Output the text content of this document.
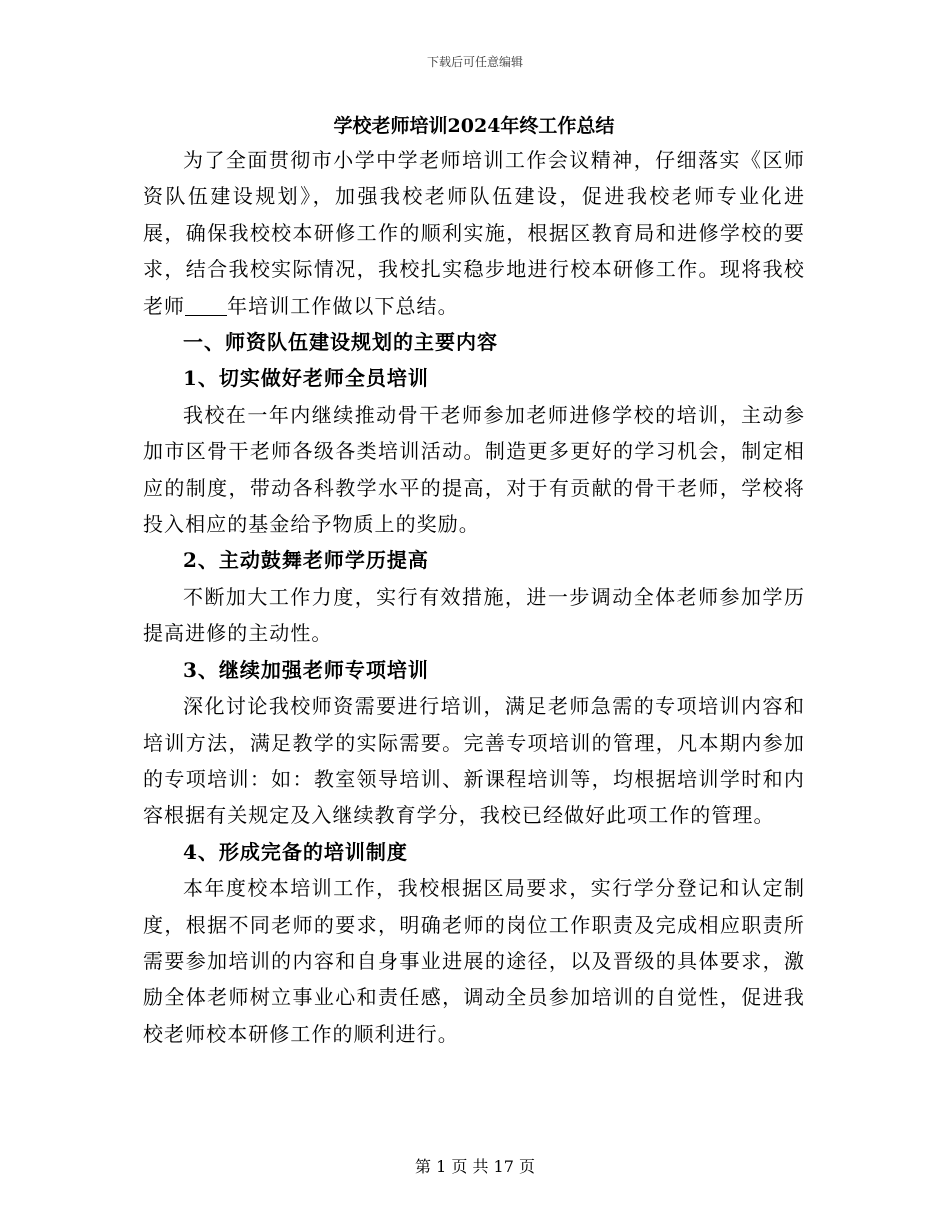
下载后可任意编辑
学校老师培训2024年终工作总结

为了全面贯彻市小学中学老师培训工作会议精神，仔细落实《区师资队伍建设规划》，加强我校老师队伍建设，促进我校老师专业化进展，确保我校校本研修工作的顺利实施，根据区教育局和进修学校的要求，结合我校实际情况，我校扎实稳步地进行校本研修工作。现将我校老师 年培训工作做以下总结。

一、师资队伍建设规划的主要内容

1、切实做好老师全员培训

我校在一年内继续推动骨干老师参加老师进修学校的培训，主动参加市区骨干老师各级各类培训活动。制造更多更好的学习机会，制定相应的制度，带动各科教学水平的提高，对于有贡献的骨干老师，学校将投入相应的基金给予物质上的奖励。

2、主动鼓舞老师学历提高

不断加大工作力度，实行有效措施，进一步调动全体老师参加学历提高进修的主动性。

3、继续加强老师专项培训

深化讨论我校师资需要进行培训，满足老师急需的专项培训内容和培训方法，满足教学的实际需要。完善专项培训的管理，凡本期内参加的专项培训：如：教室领导培训、新课程培训等，均根据培训学时和内容根据有关规定及入继续教育学分，我校已经做好此项工作的管理。

4、形成完备的培训制度

本年度校本培训工作，我校根据区局要求，实行学分登记和认定制度，根据不同老师的要求，明确老师的岗位工作职责及完成相应职责所需要参加培训的内容和自身事业进展的途径，以及晋级的具体要求，激励全体老师树立事业心和责任感，调动全员参加培训的自觉性，促进我校老师校本研修工作的顺利进行。

第 1 页 共 17 页
